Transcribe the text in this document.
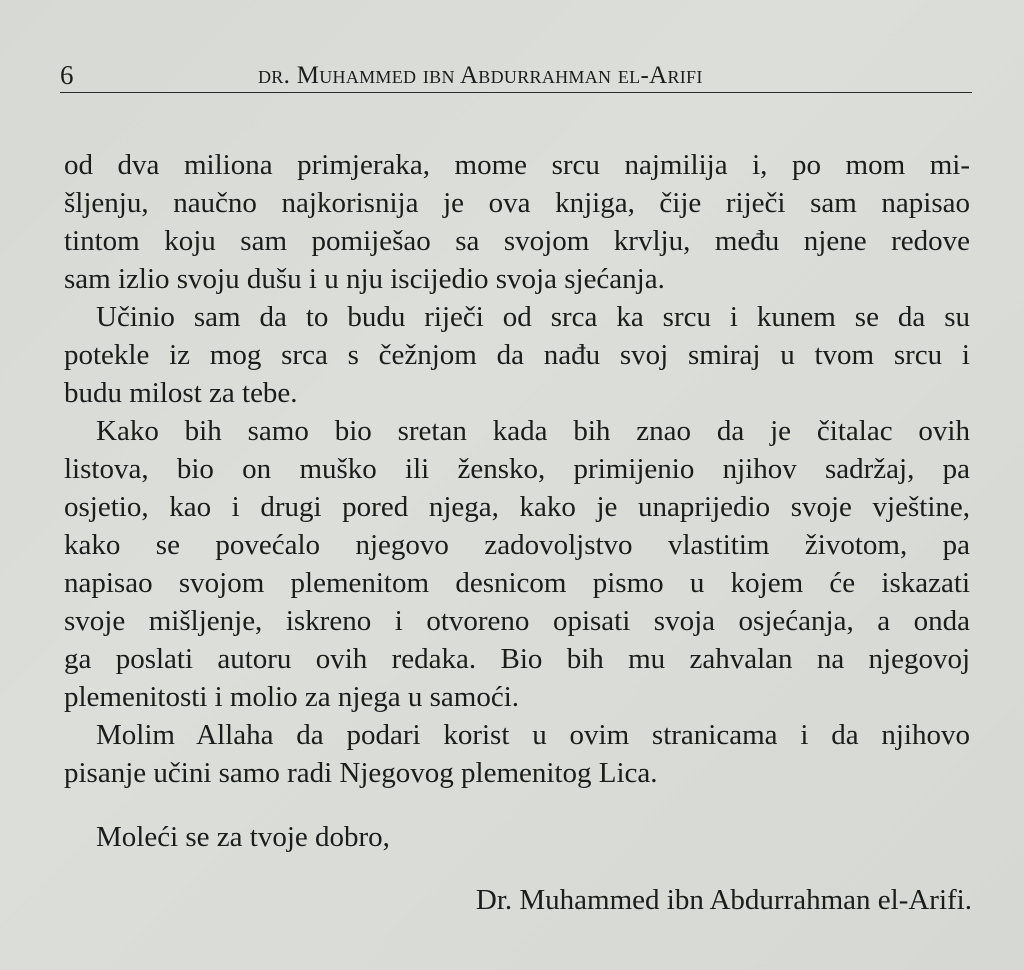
6	dr. Muhammed ibn Abdurrahman el-Arifi
od dva miliona primjeraka, mome srcu najmilija i, po mom mi-
šljenju, naučno najkorisnija je ova knjiga, čije riječi sam napisao
tintom koju sam pomiješao sa svojom krvlju, među njene redove
sam izlio svoju dušu i u nju iscijedio svoja sjećanja.
Učinio sam da to budu riječi od srca ka srcu i kunem se da su
potekle iz mog srca s čežnjom da nađu svoj smiraj u tvom srcu i
budu milost za tebe.
Kako bih samo bio sretan kada bih znao da je čitalac ovih
listova, bio on muško ili žensko, primijenio njihov sadržaj, pa
osjetio, kao i drugi pored njega, kako je unaprijedio svoje vještine,
kako se povećalo njegovo zadovoljstvo vlastitim životom, pa
napisao svojom plemenitom desnicom pismo u kojem će iskazati
svoje mišljenje, iskreno i otvoreno opisati svoja osjećanja, a onda
ga poslati autoru ovih redaka. Bio bih mu zahvalan na njegovoj
plemenitosti i molio za njega u samoći.
Molim Allaha da podari korist u ovim stranicama i da njihovo
pisanje učini samo radi Njegovog plemenitog Lica.
Moleći se za tvoje dobro,
Dr. Muhammed ibn Abdurrahman el-Arifi.
